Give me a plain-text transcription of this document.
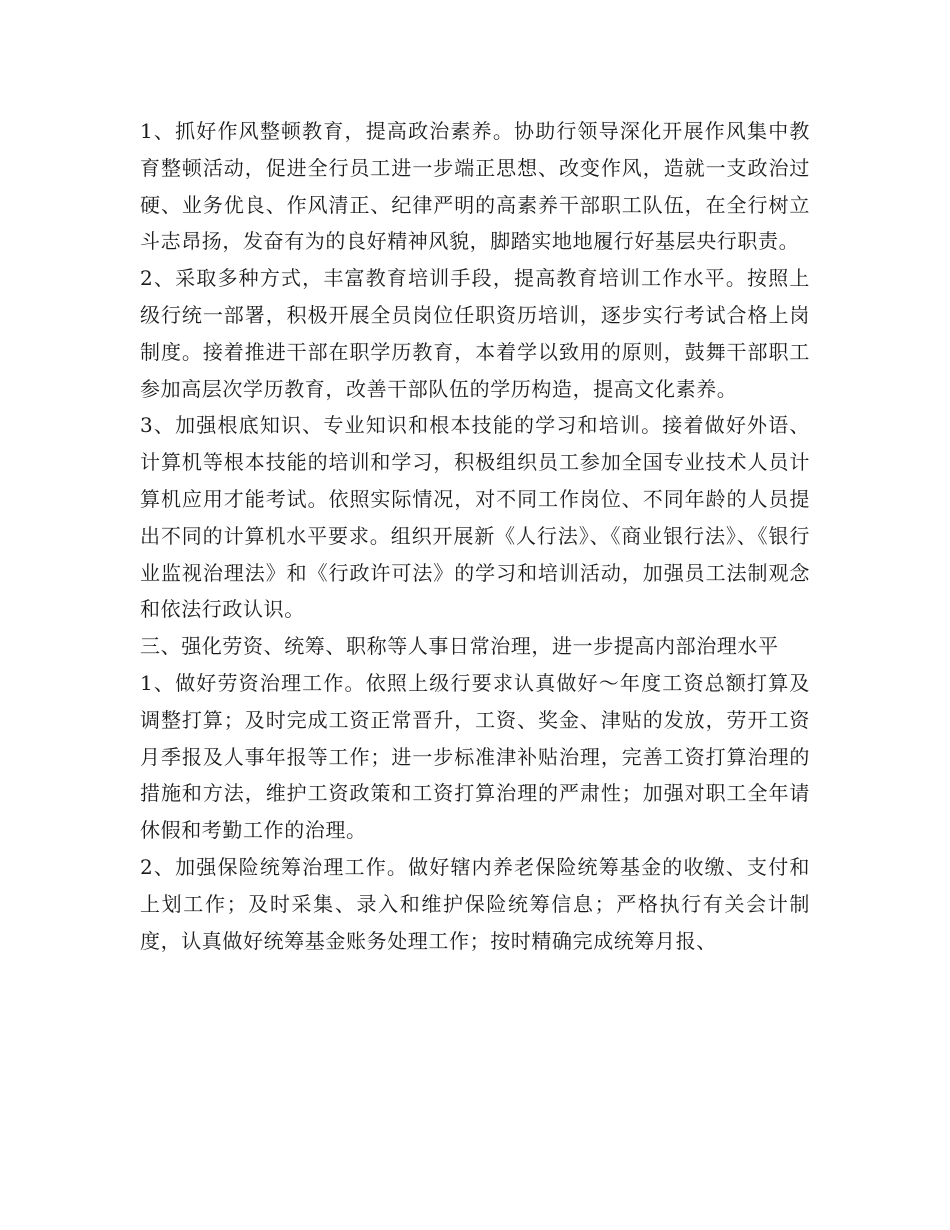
1、抓好作风整顿教育，提高政治素养。协助行领导深化开展作风集中教育整顿活动，促进全行员工进一步端正思想、改变作风，造就一支政治过硬、业务优良、作风清正、纪律严明的高素养干部职工队伍，在全行树立斗志昂扬，发奋有为的良好精神风貌，脚踏实地地履行好基层央行职责。

2、采取多种方式，丰富教育培训手段，提高教育培训工作水平。按照上级行统一部署，积极开展全员岗位任职资历培训，逐步实行考试合格上岗制度。接着推进干部在职学历教育，本着学以致用的原则，鼓舞干部职工参加高层次学历教育，改善干部队伍的学历构造，提高文化素养。

3、加强根底知识、专业知识和根本技能的学习和培训。接着做好外语、计算机等根本技能的培训和学习，积极组织员工参加全国专业技术人员计算机应用才能考试。依照实际情况，对不同工作岗位、不同年龄的人员提出不同的计算机水平要求。组织开展新《人行法》、《商业银行法》、《银行业监视治理法》和《行政许可法》的学习和培训活动，加强员工法制观念和依法行政认识。

三、强化劳资、统筹、职称等人事日常治理，进一步提高内部治理水平

1、做好劳资治理工作。依照上级行要求认真做好～年度工资总额打算及调整打算；及时完成工资正常晋升，工资、奖金、津贴的发放，劳开工资月季报及人事年报等工作；进一步标准津补贴治理，完善工资打算治理的措施和方法，维护工资政策和工资打算治理的严肃性；加强对职工全年请休假和考勤工作的治理。

2、加强保险统筹治理工作。做好辖内养老保险统筹基金的收缴、支付和上划工作；及时采集、录入和维护保险统筹信息；严格执行有关会计制度，认真做好统筹基金账务处理工作；按时精确完成统筹月报、
